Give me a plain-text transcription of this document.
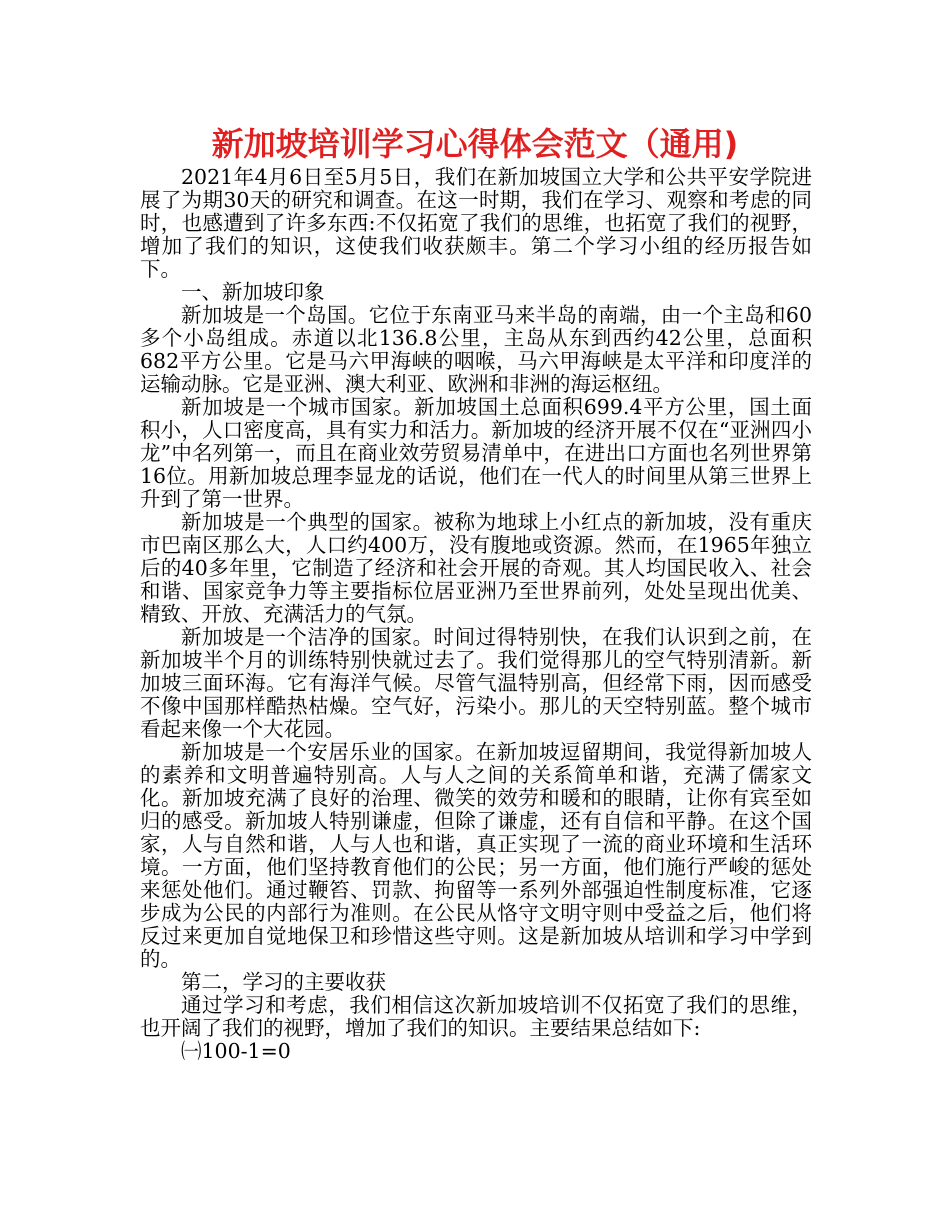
新加坡培训学习心得体会范文（通用)

2021年4月6日至5月5日，我们在新加坡国立大学和公共平安学院进展了为期30天的研究和调查。在这一时期，我们在学习、观察和考虑的同时，也感遭到了许多东西:不仅拓宽了我们的思维，也拓宽了我们的视野，增加了我们的知识，这使我们收获颇丰。第二个学习小组的经历报告如下。

一、新加坡印象

新加坡是一个岛国。它位于东南亚马来半岛的南端，由一个主岛和60多个小岛组成。赤道以北136.8公里，主岛从东到西约42公里，总面积682平方公里。它是马六甲海峡的咽喉，马六甲海峡是太平洋和印度洋的运输动脉。它是亚洲、澳大利亚、欧洲和非洲的海运枢纽。

新加坡是一个城市国家。新加坡国土总面积699.4平方公里，国土面积小，人口密度高，具有实力和活力。新加坡的经济开展不仅在“亚洲四小龙”中名列第一，而且在商业效劳贸易清单中，在进出口方面也名列世界第16位。用新加坡总理李显龙的话说，他们在一代人的时间里从第三世界上升到了第一世界。

新加坡是一个典型的国家。被称为地球上小红点的新加坡，没有重庆市巴南区那么大，人口约400万，没有腹地或资源。然而，在1965年独立后的40多年里，它制造了经济和社会开展的奇观。其人均国民收入、社会和谐、国家竞争力等主要指标位居亚洲乃至世界前列，处处呈现出优美、精致、开放、充满活力的气氛。

新加坡是一个洁净的国家。时间过得特别快，在我们认识到之前，在新加坡半个月的训练特别快就过去了。我们觉得那儿的空气特别清新。新加坡三面环海。它有海洋气候。尽管气温特别高，但经常下雨，因而感受不像中国那样酷热枯燥。空气好，污染小。那儿的天空特别蓝。整个城市看起来像一个大花园。

新加坡是一个安居乐业的国家。在新加坡逗留期间，我觉得新加坡人的素养和文明普遍特别高。人与人之间的关系简单和谐，充满了儒家文化。新加坡充满了良好的治理、微笑的效劳和暖和的眼睛，让你有宾至如归的感受。新加坡人特别谦虚，但除了谦虚，还有自信和平静。在这个国家，人与自然和谐，人与人也和谐，真正实现了一流的商业环境和生活环境。一方面，他们坚持教育他们的公民；另一方面，他们施行严峻的惩处来惩处他们。通过鞭笞、罚款、拘留等一系列外部强迫性制度标准，它逐步成为公民的内部行为准则。在公民从恪守文明守则中受益之后，他们将反过来更加自觉地保卫和珍惜这些守则。这是新加坡从培训和学习中学到的。

第二，学习的主要收获

通过学习和考虑，我们相信这次新加坡培训不仅拓宽了我们的思维，也开阔了我们的视野，增加了我们的知识。主要结果总结如下:

㈠100-1=0
